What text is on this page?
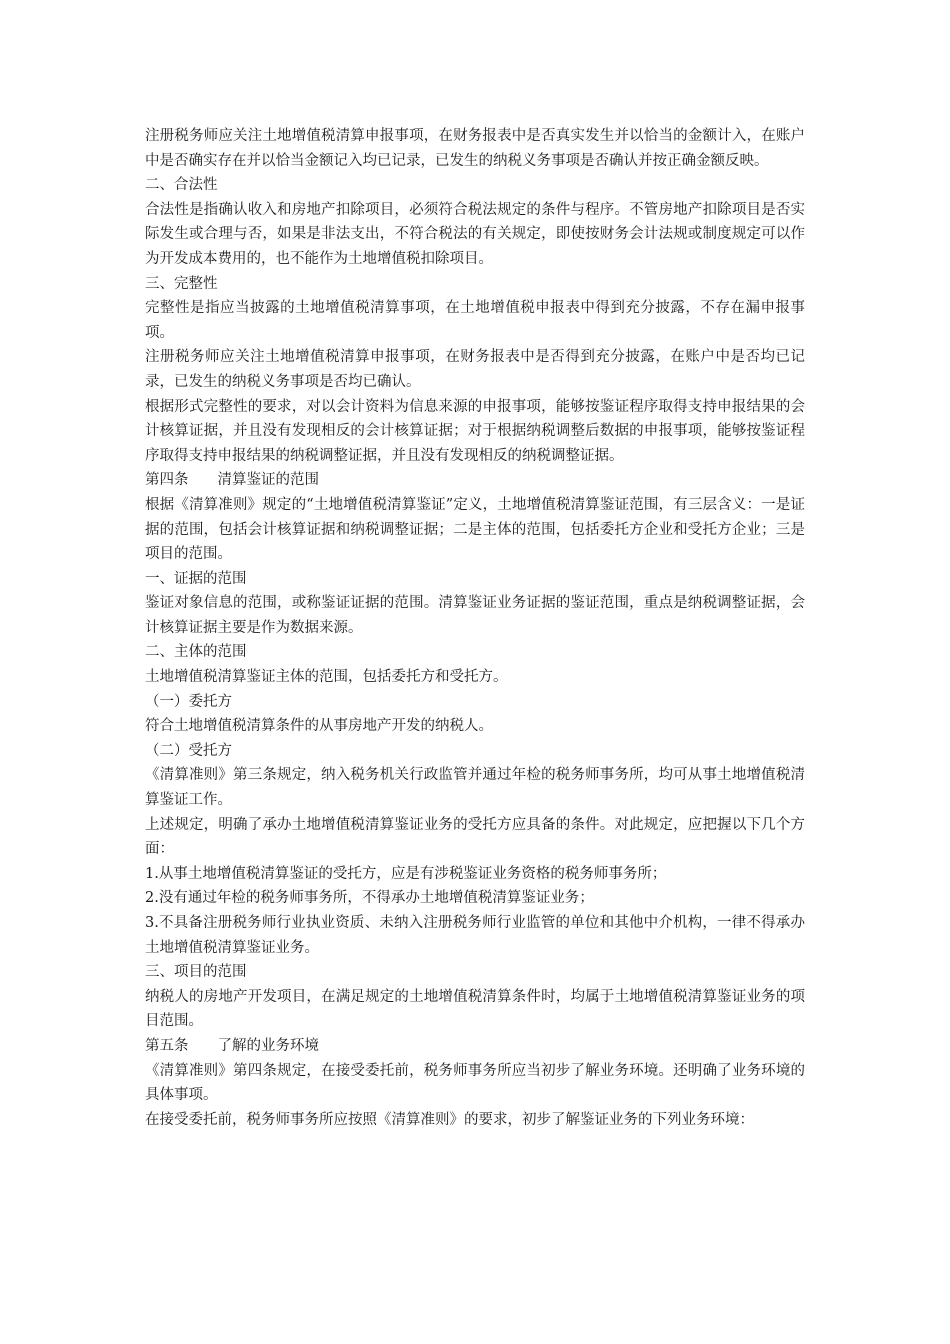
注册税务师应关注土地增值税清算申报事项，在财务报表中是否真实发生并以恰当的金额计入，在账户中是否确实存在并以恰当金额记入均已记录，已发生的纳税义务事项是否确认并按正确金额反映。

二、合法性

合法性是指确认收入和房地产扣除项目，必须符合税法规定的条件与程序。不管房地产扣除项目是否实际发生或合理与否，如果是非法支出，不符合税法的有关规定，即使按财务会计法规或制度规定可以作为开发成本费用的，也不能作为土地增值税扣除项目。

三、完整性

完整性是指应当披露的土地增值税清算事项，在土地增值税申报表中得到充分披露，不存在漏申报事项。

注册税务师应关注土地增值税清算申报事项，在财务报表中是否得到充分披露，在账户中是否均已记录，已发生的纳税义务事项是否均已确认。

根据形式完整性的要求，对以会计资料为信息来源的申报事项，能够按鉴证程序取得支持申报结果的会计核算证据，并且没有发现相反的会计核算证据；对于根据纳税调整后数据的申报事项，能够按鉴证程序取得支持申报结果的纳税调整证据，并且没有发现相反的纳税调整证据。

第四条　　清算鉴证的范围

根据《清算准则》规定的“土地增值税清算鉴证”定义，土地增值税清算鉴证范围，有三层含义：一是证据的范围，包括会计核算证据和纳税调整证据；二是主体的范围，包括委托方企业和受托方企业；三是项目的范围。

一、证据的范围

鉴证对象信息的范围，或称鉴证证据的范围。清算鉴证业务证据的鉴证范围，重点是纳税调整证据，会计核算证据主要是作为数据来源。

二、主体的范围

土地增值税清算鉴证主体的范围，包括委托方和受托方。

（一）委托方

符合土地增值税清算条件的从事房地产开发的纳税人。

（二）受托方

《清算准则》第三条规定，纳入税务机关行政监管并通过年检的税务师事务所，均可从事土地增值税清算鉴证工作。

上述规定，明确了承办土地增值税清算鉴证业务的受托方应具备的条件。对此规定，应把握以下几个方面：

1.从事土地增值税清算鉴证的受托方，应是有涉税鉴证业务资格的税务师事务所；

2.没有通过年检的税务师事务所，不得承办土地增值税清算鉴证业务；

3.不具备注册税务师行业执业资质、未纳入注册税务师行业监管的单位和其他中介机构，一律不得承办土地增值税清算鉴证业务。

三、项目的范围

纳税人的房地产开发项目，在满足规定的土地增值税清算条件时，均属于土地增值税清算鉴证业务的项目范围。

第五条　　了解的业务环境

《清算准则》第四条规定，在接受委托前，税务师事务所应当初步了解业务环境。还明确了业务环境的具体事项。

在接受委托前，税务师事务所应按照《清算准则》的要求，初步了解鉴证业务的下列业务环境：
